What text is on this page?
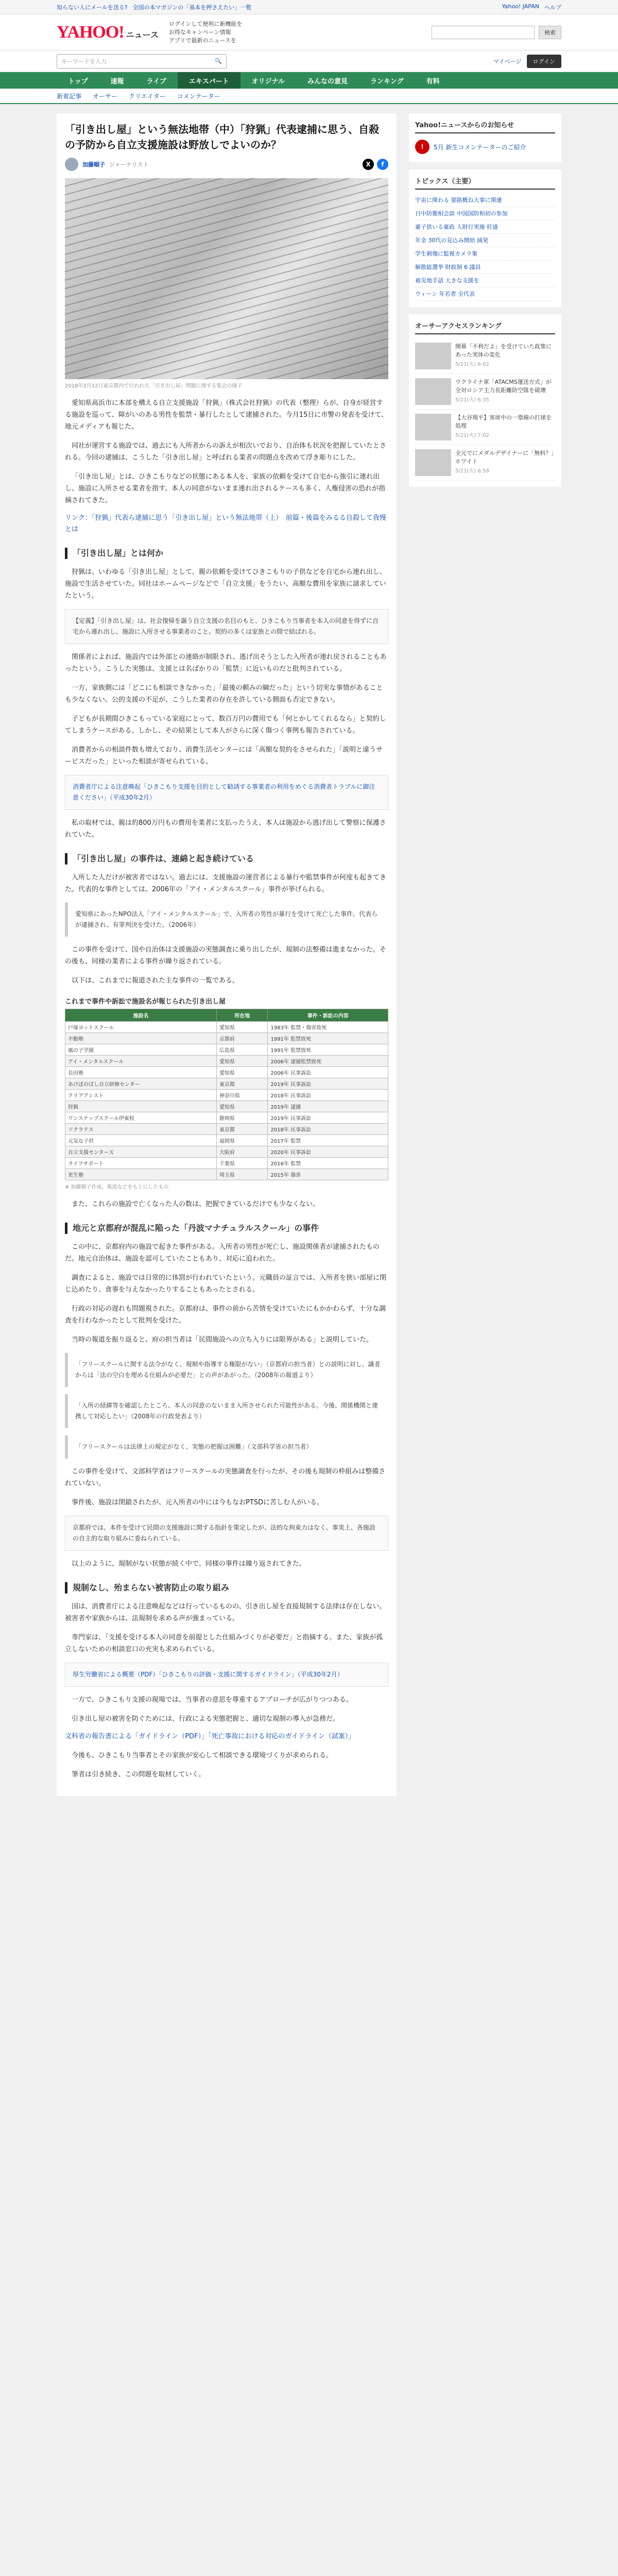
知らない人にメールを送る? 全国の本マガジンの「基本を押さえたい」一覧	Yahoo! JAPAN ヘルプ
YAHOO! ニュース
ログインして便利に新機能を
お得なキャンペーン情報
アプリで最新のニュースを
検索
キーワードを入力	🔍	マイページ	ログイン
トップ	速報	ライブ	エキスパート	オリジナル	みんなの意見	ランキング	有料
新着記事 オーサー クリエイター コメンテーター
「引き出し屋」という無法地帯（中）「狩猟」代表逮捕に思う、自殺の予防から自立支援施設は野放しでよいのか？
加藤順子 ジャーナリスト	X	f
2018年2月12日東京都内で行われた「引き出し屋」問題に関する集会の様子

愛知県高浜市に本部を構える自立支援施設「狩猟」（株式会社狩猟）の代表（整理）らが、自身が経営する施設を巡って、障がいのある男性を監禁・暴行したとして逮捕された。今月15日に市警の発表を受けて、地元メディアも報じた。

同社が運営する施設では、過去にも入所者からの訴えが相次いでおり、自治体も状況を把握していたとされる。今回の逮捕は、こうした「引き出し屋」と呼ばれる業者の問題点を改めて浮き彫りにした。

「引き出し屋」とは、ひきこもりなどの状態にある本人を、家族の依頼を受けて自宅から強引に連れ出し、施設に入所させる業者を指す。本人の同意がないまま連れ出されるケースも多く、人権侵害の恐れが指摘されてきた。

リンク：「狩猟」代表ら逮捕に思う「引き出し屋」という無法地帯（上）　前篇・後篇をみるる自殺して我慢とは
「引き出し屋」とは何か

狩猟は、いわゆる「引き出し屋」として、親の依頼を受けてひきこもりの子供などを自宅から連れ出し、施設で生活させていた。同社はホームページなどで「自立支援」をうたい、高額な費用を家族に請求していたという。

【定義】「引き出し屋」は、社会復帰を謳う自立支援の名目のもと、ひきこもり当事者を本人の同意を得ずに自宅から連れ出し、施設に入所させる事業者のこと。契約の多くは家族との間で結ばれる。

関係者によれば、施設内では外部との連絡が制限され、逃げ出そうとした入所者が連れ戻されることもあったという。こうした実態は、支援とは名ばかりの「監禁」に近いものだと批判されている。

一方、家族側には「どこにも相談できなかった」「最後の頼みの綱だった」という切実な事情があることも少なくない。公的支援の不足が、こうした業者の存在を許している側面も否定できない。

子どもが長期間ひきこもっている家庭にとって、数百万円の費用でも「何とかしてくれるなら」と契約してしまうケースがある。しかし、その結果として本人がさらに深く傷つく事例も報告されている。

消費者からの相談件数も増えており、消費生活センターには「高額な契約をさせられた」「説明と違うサービスだった」といった相談が寄せられている。

消費者庁による注意喚起「ひきこもり支援を目的として勧誘する事業者の利用をめぐる消費者トラブルに御注意ください」（平成30年2月）

私の取材では、親は約800万円もの費用を業者に支払ったうえ、本人は施設から逃げ出して警察に保護されていた。

「引き出し屋」の事件は、連綿と起き続けている

入所した人だけが被害者ではない。過去には、支援施設の運営者による暴行や監禁事件が何度も起きてきた。代表的な事件としては、2006年の「アイ・メンタルスクール」事件が挙げられる。

愛知県にあったNPO法人「アイ・メンタルスクール」で、入所者の男性が暴行を受けて死亡した事件。代表らが逮捕され、有罪判決を受けた。（2006年）

この事件を受けて、国や自治体は支援施設の実態調査に乗り出したが、規制の法整備は進まなかった。その後も、同様の業者による事件が繰り返されている。

以下は、これまでに報道された主な事件の一覧である。

これまで事件や訴訟で施設名が報じられた引き出し屋
施設名	所在地	事件・訴訟の内容
戸塚ヨットスクール	愛知県	1983年 監禁・傷害致死
不動塾	京都府	1991年 監禁致死
風の子学園	広島県	1991年 監禁致死
アイ・メンタルスクール	愛知県	2006年 逮捕監禁致死
長田塾	愛知県	2006年 民事訴訟
あけぼのばし自立研修センター	東京都	2019年 民事訴訟
クリアアシスト	神奈川県	2018年 民事訴訟
狩猟	愛知県	2019年 逮捕
ワンステップスクール伊東校	静岡県	2019年 民事訴訟
ソクラテス	東京都	2018年 民事訴訟
元気な子供	福岡県	2017年 監禁
自立支援センターＸ	大阪府	2020年 民事訴訟
ライフサポート	千葉県	2016年 監禁
更生塾	埼玉県	2015年 傷害
※ 加藤順子作成。報道などをもとにしたもの

また、これらの施設で亡くなった人の数は、把握できているだけでも少なくない。

地元と京都府が混乱に陥った「丹波マナチュラルスクール」の事件

この中に、京都府内の施設で起きた事件がある。入所者の男性が死亡し、施設関係者が逮捕されたものだ。地元自治体は、施設を認可していたこともあり、対応に追われた。

調査によると、施設では日常的に体罰が行われていたという。元職員の証言では、入所者を狭い部屋に閉じ込めたり、食事を与えなかったりすることもあったとされる。

行政の対応の遅れも問題視された。京都府は、事件の前から苦情を受けていたにもかかわらず、十分な調査を行わなかったとして批判を受けた。

当時の報道を振り返ると、府の担当者は「民間施設への立ち入りには限界がある」と説明していた。

「フリースクールに関する法令がなく、規制や指導する権限がない」（京都府の担当者）との説明に対し、識者からは「法の空白を埋める仕組みが必要だ」との声があがった。（2008年の報道より）
「入所の経緯等を確認したところ、本人の同意のないまま入所させられた可能性がある。今後、関係機関と連携して対応したい」（2008年の行政発表より）
「フリースクールは法律上の規定がなく、実態の把握は困難」（文部科学省の担当者）

この事件を受けて、文部科学省はフリースクールの実態調査を行ったが、その後も規制の枠組みは整備されていない。

事件後、施設は閉鎖されたが、元入所者の中には今もなおPTSDに苦しむ人がいる。

京都府では、本件を受けて民間の支援施設に関する指針を策定したが、法的な拘束力はなく、事実上、各施設の自主的な取り組みに委ねられている。

以上のように、規制がない状態が続く中で、同様の事件は繰り返されてきた。

規制なし、殆まらない被害防止の取り組み

国は、消費者庁による注意喚起などは行っているものの、引き出し屋を直接規制する法律は存在しない。被害者や家族からは、法規制を求める声が強まっている。

専門家は、「支援を受ける本人の同意を前提とした仕組みづくりが必要だ」と指摘する。また、家族が孤立しないための相談窓口の充実も求められている。

厚生労働省による概要（PDF）「ひきこもりの評価・支援に関するガイドライン」（平成30年2月）

一方で、ひきこもり支援の現場では、当事者の意思を尊重するアプローチが広がりつつある。

引き出し屋の被害を防ぐためには、行政による実態把握と、適切な規制の導入が急務だ。

文科省の報告書による「ガイドライン（PDF）」「死亡事故における対応のガイドライン（試案）」

今後も、ひきこもり当事者とその家族が安心して相談できる環境づくりが求められる。

筆者は引き続き、この問題を取材していく。

Yahoo!ニュースからのお知らせ
!	5月 新生コメンテーターのご紹介
トピックス（主要）
宇宙に関わる 要路概ね大事に関連
日中防衛相会談 中国国防相初の参加
豪子供いる豪政 人財行実施 旺盛
年金 30代の見込み開始 減発
学生刺傷に監視カメラ案
解散総選挙 財政制 6 議員
被災地手話 大きな支援を
ウィーン 年若者 全代表
オーサーアクセスランキング
開幕「不利だよ」を受けていた政策にあった実体の変化
5/21(火) 6:02
ウクライナ軍「ATACMS運送方式」が全対ロシア主力長距離防空隊を破壊
5/21(火) 6:35
【大谷翔平】客席中の一塁線の打球を処理
5/21(火) 7:02
全元でにメダルデザイナーに「無料？」ホワイト
5/21(火) 6:58
